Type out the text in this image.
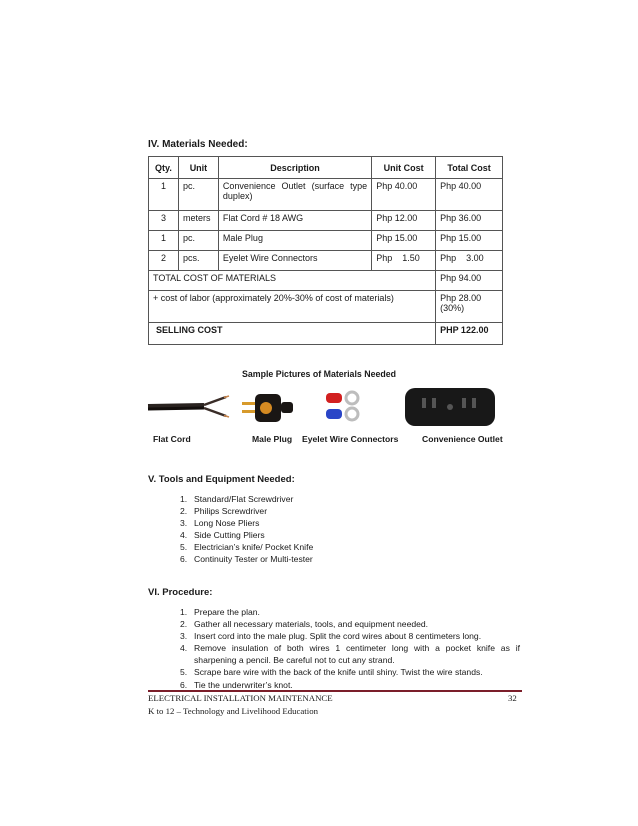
IV. Materials Needed:
Qty.	Unit	Description	Unit Cost	Total Cost
1	pc.	Convenience Outlet (surface type duplex)	Php 40.00	Php 40.00
3	meters	Flat Cord # 18 AWG	Php 12.00	Php 36.00
1	pc.	Male Plug	Php 15.00	Php 15.00
2	pcs.	Eyelet Wire Connectors	Php    1.50	Php    3.00
TOTAL COST OF MATERIALS				Php 94.00
+ cost of labor (approximately 20%-30% of cost of materials)				Php 28.00
(30%)

SELLING COST				PHP 122.00
Sample Pictures of Materials Needed
Flat Cord	Male Plug Eyelet Wire Connectors	Convenience Outlet
V. Tools and Equipment Needed:
1. Standard/Flat Screwdriver
2. Philips Screwdriver
3. Long Nose Pliers
4. Side Cutting Pliers
5. Electrician’s knife/ Pocket Knife
6. Continuity Tester or Multi-tester
VI. Procedure:
1. Prepare the plan.
2. Gather all necessary materials, tools, and equipment needed.
3. Insert cord into the male plug. Split the cord wires about 8 centimeters long.
4. Remove insulation of both wires 1 centimeter long with a pocket knife as if sharpening a pencil. Be careful not to cut any strand.
5. Scrape bare wire with the back of the knife until shiny. Twist the wire stands.
6. Tie the underwriter’s knot.
ELECTRICAL INSTALLATION MAINTENANCE
K to 12 – Technology and Livelihood Education
32
